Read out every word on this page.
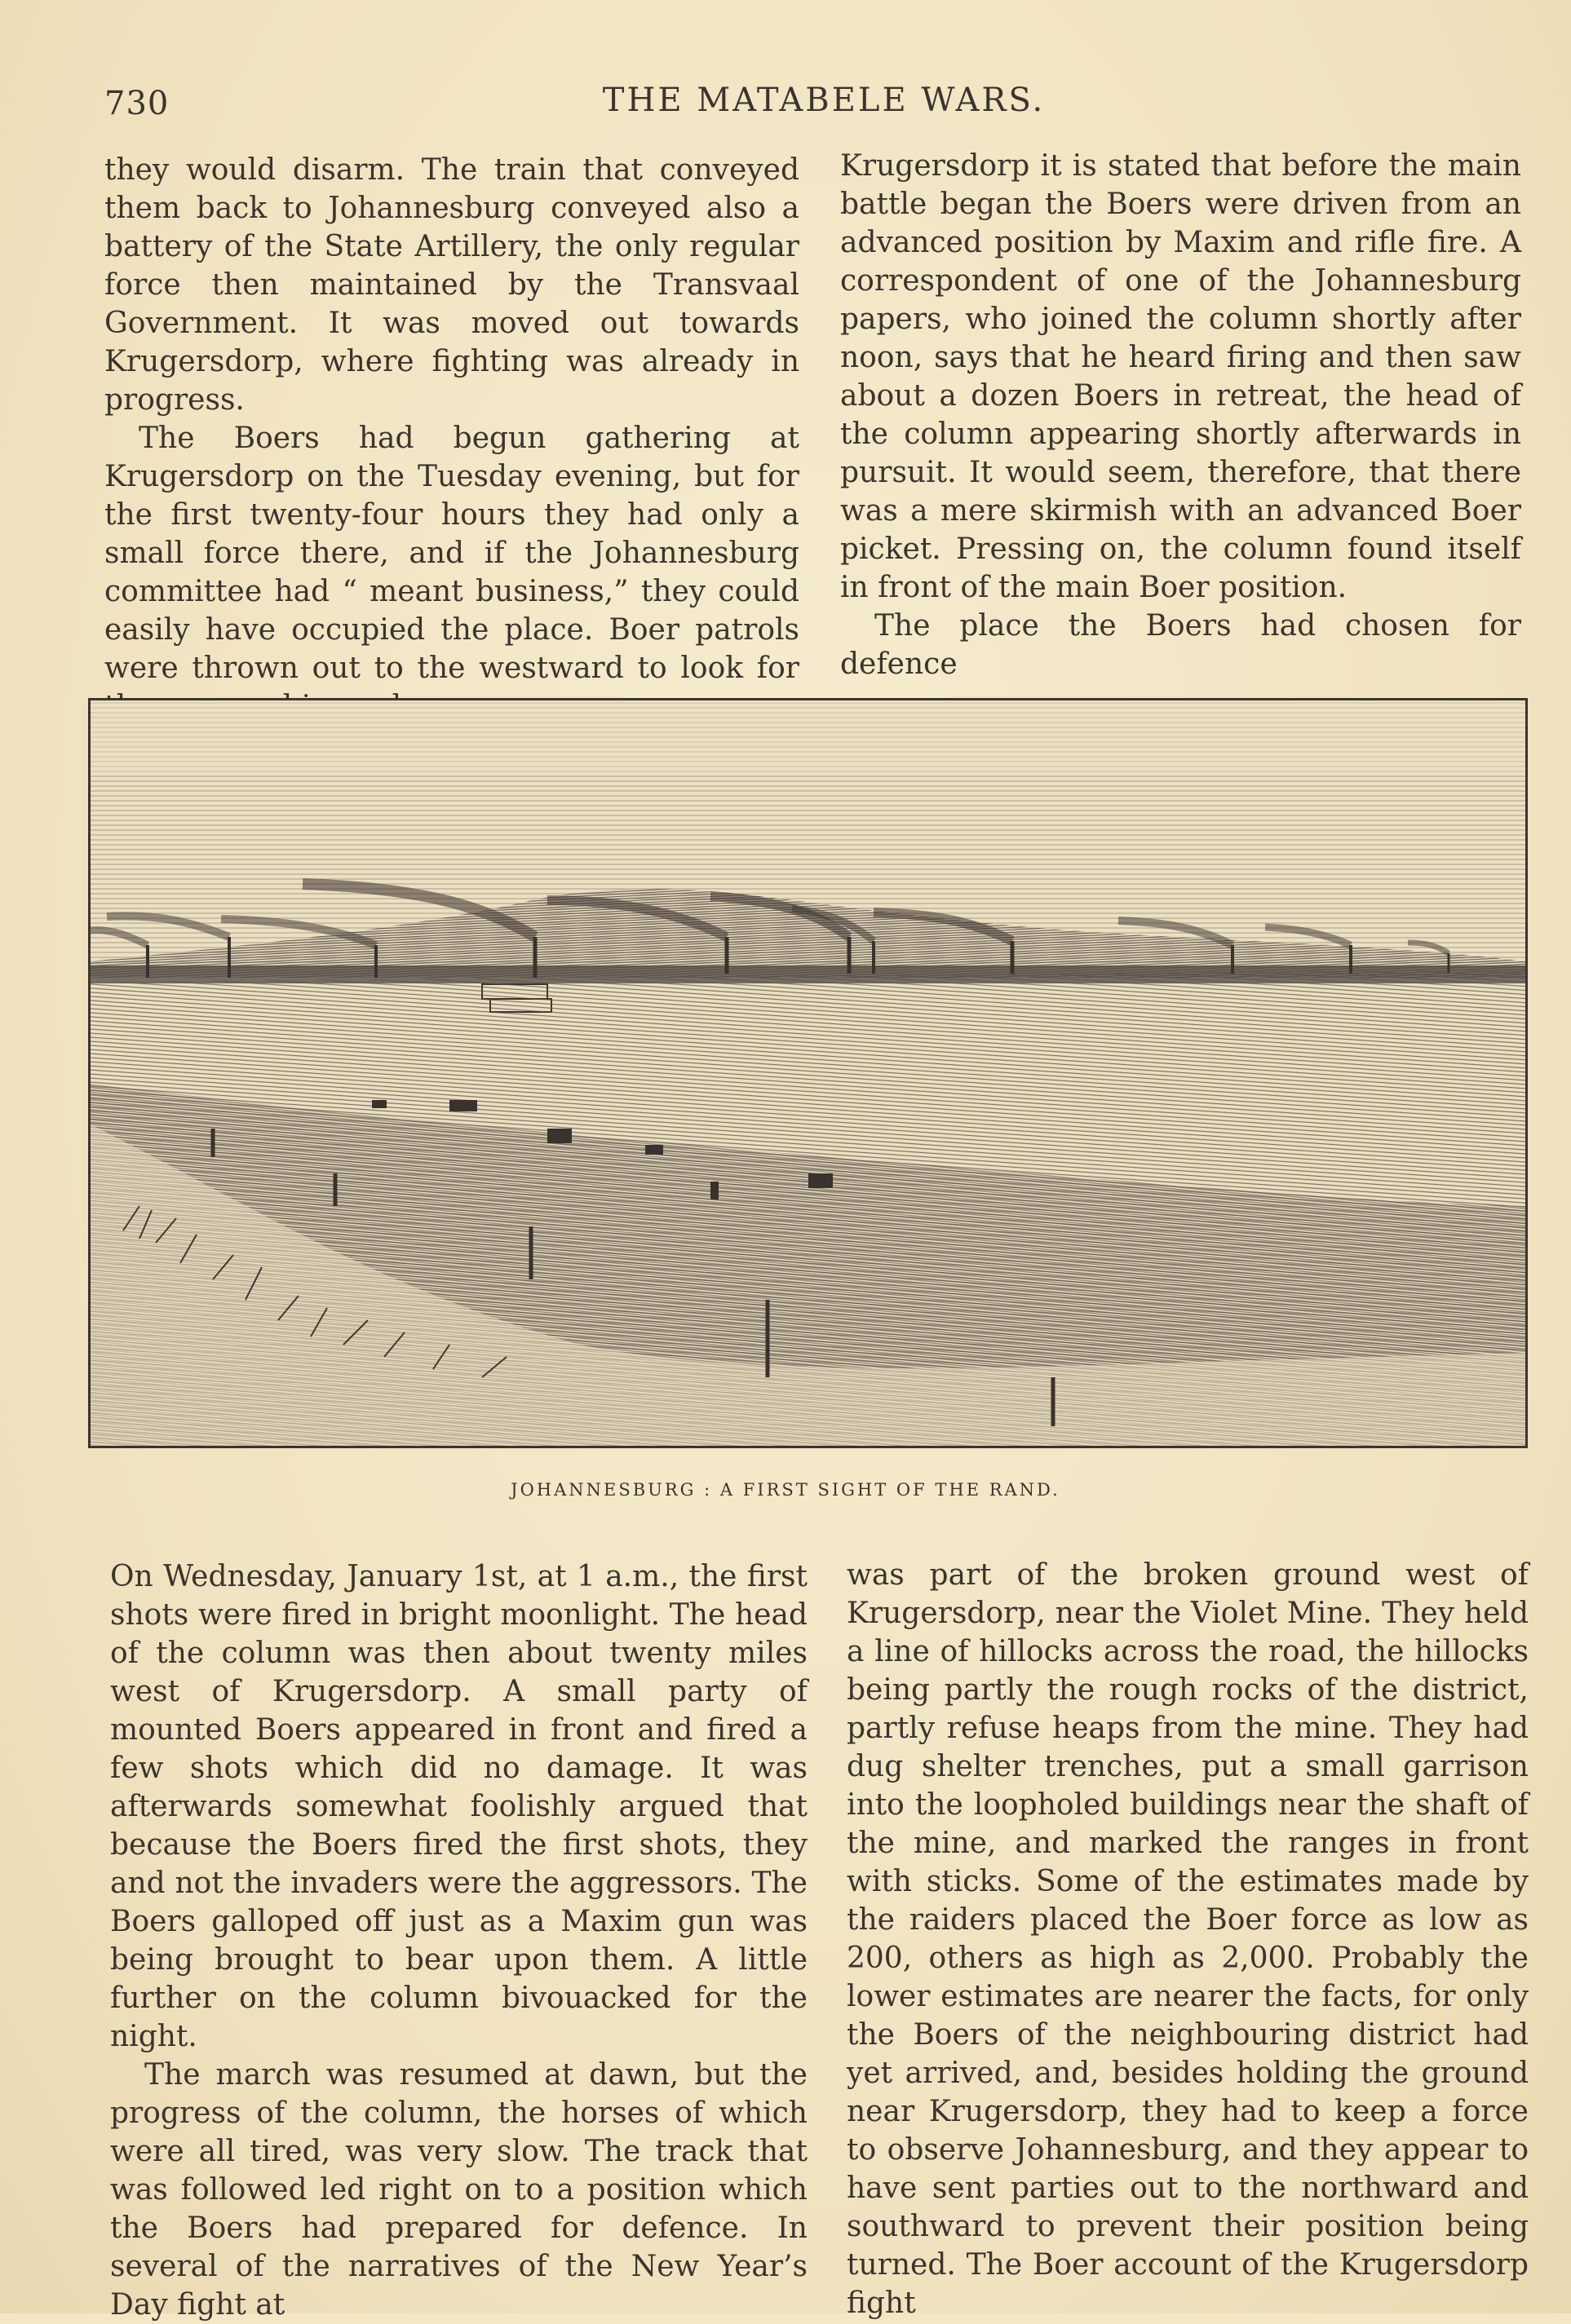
730	THE MATABELE WARS.

they would disarm. The train that conveyed them back to Johannesburg conveyed also a battery of the State Artillery, the only regular force then maintained by the Transvaal Government. It was moved out towards Krugersdorp, where fighting was already in progress.

The Boers had begun gathering at Krugersdorp on the Tuesday evening, but for the first twenty-four hours they had only a small force there, and if the Johannesburg committee had “ meant business,” they could easily have occupied the place. Boer patrols were thrown out to the westward to look for

Krugersdorp it is stated that before the main battle began the Boers were driven from an advanced position by Maxim and rifle fire. A correspondent of one of the Johannesburg papers, who joined the column shortly after noon, says that he heard firing and then saw about a dozen Boers in retreat, the head of the column appearing shortly afterwards in pursuit. It would seem, therefore, that there was a mere skirmish with an advanced Boer picket. Pressing on, the column found itself in front of the main Boer position.

The place the Boers had chosen for defence

JOHANNESBURG : A FIRST SIGHT OF THE RAND.

On Wednesday, January 1st, at 1 a.m., the first shots were fired in bright moonlight. The head of the column was then about twenty miles west of Krugersdorp. A small party of mounted Boers appeared in front and fired a few shots which did no damage. It was afterwards somewhat foolishly argued that because the Boers fired the first shots, they and not the invaders were the aggressors. The Boers galloped off just as a Maxim gun was being brought to bear upon them. A little further on the column bivouacked for the night.

The march was resumed at dawn, but the progress of the column, the horses of which were all tired, was very slow. The track that was followed led right on to a position which the Boers had prepared for defence. In several of the narratives of the New Year’s Day fight at

was part of the broken ground west of Krugersdorp, near the Violet Mine. They held a line of hillocks across the road, the hillocks being partly the rough rocks of the district, partly refuse heaps from the mine. They had dug shelter trenches, put a small garrison into the loopholed buildings near the shaft of the mine, and marked the ranges in front with sticks. Some of the estimates made by the raiders placed the Boer force as low as 200, others as high as 2,000. Probably the lower estimates are nearer the facts, for only the Boers of the neighbouring district had yet arrived, and, besides holding the ground near Krugersdorp, they had to keep a force to observe Johannesburg, and they appear to have sent parties out to the northward and southward to prevent their position being turned. The Boer account of the Krugersdorp fight
